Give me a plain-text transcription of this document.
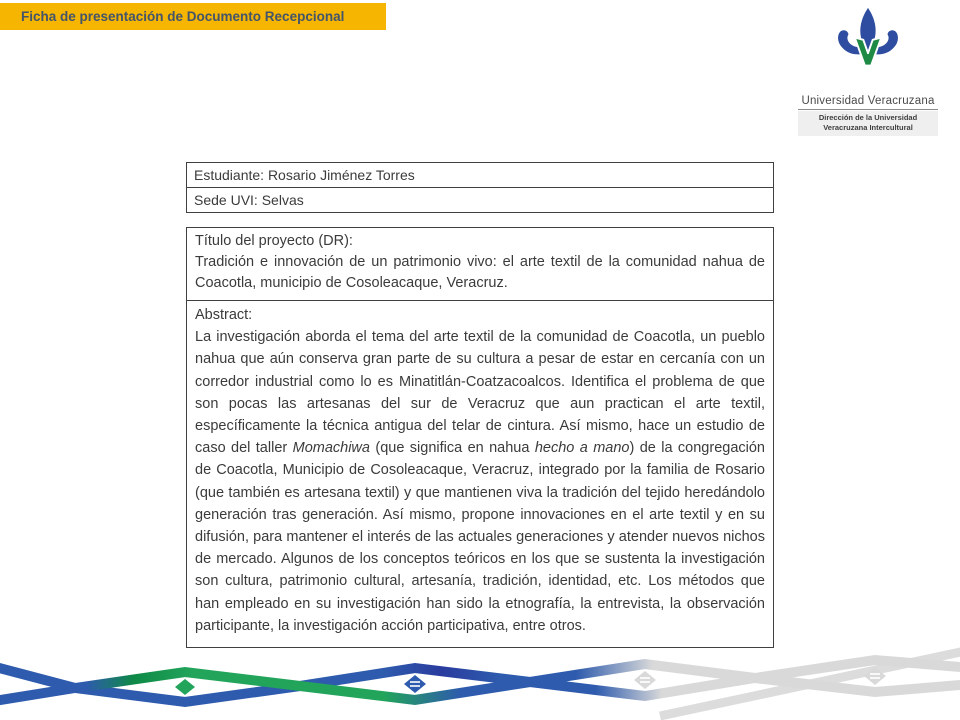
Ficha de presentación de Documento Recepcional
Universidad Veracruzana
Dirección de la Universidad
Veracruzana Intercultural
Estudiante: Rosario Jiménez Torres
Sede UVI: Selvas
Título del proyecto (DR):
Tradición e innovación de un patrimonio vivo: el arte textil de la comunidad nahua de Coacotla, municipio de Cosoleacaque, Veracruz.
Abstract:
La investigación aborda el tema del arte textil de la comunidad de Coacotla, un pueblo nahua que aún conserva gran parte de su cultura a pesar de estar en cercanía con un corredor industrial como lo es Minatitlán-Coatzacoalcos. Identifica el problema de que son pocas las artesanas del sur de Veracruz que aun practican el arte textil, específicamente la técnica antigua del telar de cintura. Así mismo, hace un estudio de caso del taller Momachiwa (que significa en nahua hecho a mano) de la congregación de Coacotla, Municipio de Cosoleacaque, Veracruz, integrado por la familia de Rosario (que también es artesana textil) y que mantienen viva la tradición del tejido heredándolo generación tras generación. Así mismo, propone innovaciones en el arte textil y en su difusión, para mantener el interés de las actuales generaciones y atender nuevos nichos de mercado. Algunos de los conceptos teóricos en los que se sustenta la investigación son cultura, patrimonio cultural, artesanía, tradición, identidad, etc. Los métodos que han empleado en su investigación han sido la etnografía, la entrevista, la observación participante, la investigación acción participativa, entre otros.
